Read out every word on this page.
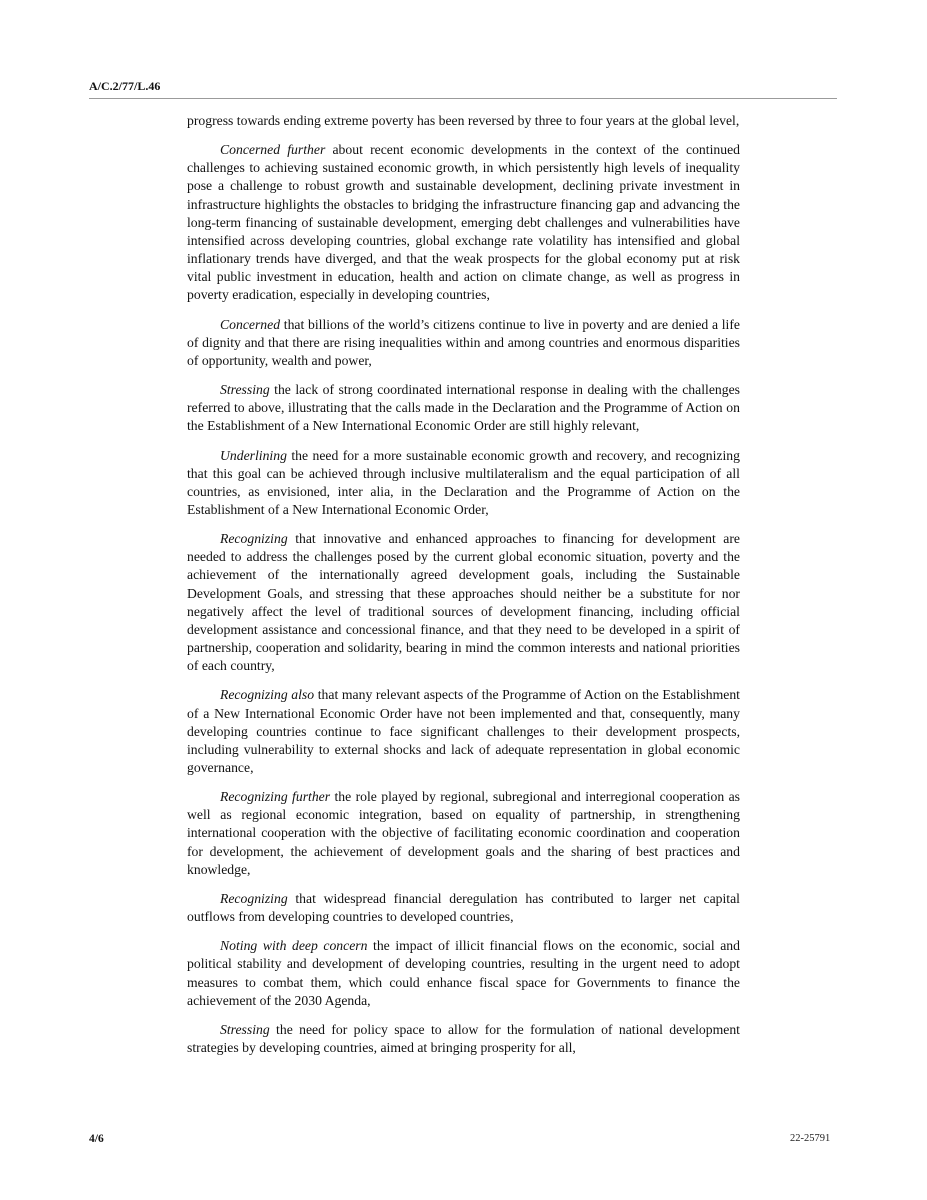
A/C.2/77/L.46

progress towards ending extreme poverty has been reversed by three to four years at the global level,

Concerned further about recent economic developments in the context of the continued challenges to achieving sustained economic growth, in which persistently high levels of inequality pose a challenge to robust growth and sustainable development, declining private investment in infrastructure highlights the obstacles to bridging the infrastructure financing gap and advancing the long-term financing of sustainable development, emerging debt challenges and vulnerabilities have intensified across developing countries, global exchange rate volatility has intensified and global inflationary trends have diverged, and that the weak prospects for the global economy put at risk vital public investment in education, health and action on climate change, as well as progress in poverty eradication, especially in developing countries,

Concerned that billions of the world’s citizens continue to live in poverty and are denied a life of dignity and that there are rising inequalities within and among countries and enormous disparities of opportunity, wealth and power,

Stressing the lack of strong coordinated international response in dealing with the challenges referred to above, illustrating that the calls made in the Declaration and the Programme of Action on the Establishment of a New International Economic Order are still highly relevant,

Underlining the need for a more sustainable economic growth and recovery, and recognizing that this goal can be achieved through inclusive multilateralism and the equal participation of all countries, as envisioned, inter alia, in the Declaration and the Programme of Action on the Establishment of a New International Economic Order,

Recognizing that innovative and enhanced approaches to financing for development are needed to address the challenges posed by the current global economic situation, poverty and the achievement of the internationally agreed development goals, including the Sustainable Development Goals, and stressing that these approaches should neither be a substitute for nor negatively affect the level of traditional sources of development financing, including official development assistance and concessional finance, and that they need to be developed in a spirit of partnership, cooperation and solidarity, bearing in mind the common interests and national priorities of each country,

Recognizing also that many relevant aspects of the Programme of Action on the Establishment of a New International Economic Order have not been implemented and that, consequently, many developing countries continue to face significant challenges to their development prospects, including vulnerability to external shocks and lack of adequate representation in global economic governance,

Recognizing further the role played by regional, subregional and interregional cooperation as well as regional economic integration, based on equality of partnership, in strengthening international cooperation with the objective of facilitating economic coordination and cooperation for development, the achievement of development goals and the sharing of best practices and knowledge,

Recognizing that widespread financial deregulation has contributed to larger net capital outflows from developing countries to developed countries,

Noting with deep concern the impact of illicit financial flows on the economic, social and political stability and development of developing countries, resulting in the urgent need to adopt measures to combat them, which could enhance fiscal space for Governments to finance the achievement of the 2030 Agenda,

Stressing the need for policy space to allow for the formulation of national development strategies by developing countries, aimed at bringing prosperity for all,

4/6	22-25791
